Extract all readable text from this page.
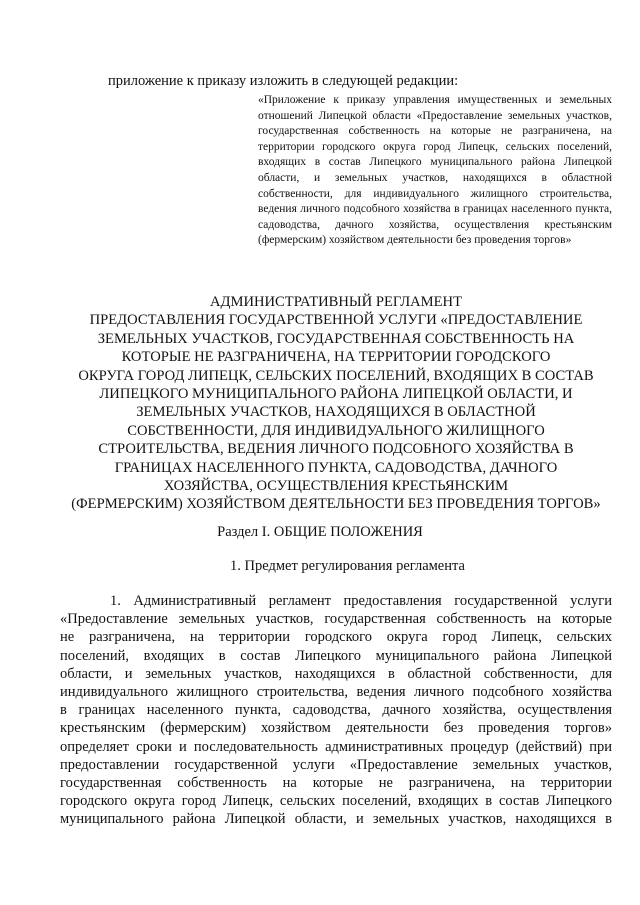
приложение к приказу изложить в следующей редакции:
«Приложение к приказу управления имущественных и земельных отношений Липецкой области «Предоставление земельных участков, государственная собственность на которые не разграничена, на территории городского округа город Липецк, сельских поселений, входящих в состав Липецкого муниципального района Липецкой области, и земельных участков, находящихся в областной собственности, для индивидуального жилищного строительства, ведения личного подсобного хозяйства в границах населенного пункта, садоводства, дачного хозяйства, осуществления крестьянским (фермерским) хозяйством деятельности без проведения торгов»
АДМИНИСТРАТИВНЫЙ РЕГЛАМЕНТ
ПРЕДОСТАВЛЕНИЯ ГОСУДАРСТВЕННОЙ УСЛУГИ «ПРЕДОСТАВЛЕНИЕ
ЗЕМЕЛЬНЫХ УЧАСТКОВ, ГОСУДАРСТВЕННАЯ СОБСТВЕННОСТЬ НА
КОТОРЫЕ НЕ РАЗГРАНИЧЕНА, НА ТЕРРИТОРИИ ГОРОДСКОГО
ОКРУГА ГОРОД ЛИПЕЦК, СЕЛЬСКИХ ПОСЕЛЕНИЙ, ВХОДЯЩИХ В СОСТАВ
ЛИПЕЦКОГО МУНИЦИПАЛЬНОГО РАЙОНА ЛИПЕЦКОЙ ОБЛАСТИ, И
ЗЕМЕЛЬНЫХ УЧАСТКОВ, НАХОДЯЩИХСЯ В ОБЛАСТНОЙ
СОБСТВЕННОСТИ, ДЛЯ ИНДИВИДУАЛЬНОГО ЖИЛИЩНОГО
СТРОИТЕЛЬСТВА, ВЕДЕНИЯ ЛИЧНОГО ПОДСОБНОГО ХОЗЯЙСТВА В
ГРАНИЦАХ НАСЕЛЕННОГО ПУНКТА, САДОВОДСТВА, ДАЧНОГО
ХОЗЯЙСТВА, ОСУЩЕСТВЛЕНИЯ КРЕСТЬЯНСКИМ
(ФЕРМЕРСКИМ) ХОЗЯЙСТВОМ ДЕЯТЕЛЬНОСТИ БЕЗ ПРОВЕДЕНИЯ ТОРГОВ»
Раздел I. ОБЩИЕ ПОЛОЖЕНИЯ
1. Предмет регулирования регламента
1. Административный регламент предоставления государственной услуги
«Предоставление земельных участков, государственная собственность на которые
не разграничена, на территории городского округа город Липецк, сельских
поселений, входящих в состав Липецкого муниципального района Липецкой
области, и земельных участков, находящихся в областной собственности, для
индивидуального жилищного строительства, ведения личного подсобного хозяйства
в границах населенного пункта, садоводства, дачного хозяйства, осуществления
крестьянским (фермерским) хозяйством деятельности без проведения торгов»
определяет сроки и последовательность административных процедур (действий) при
предоставлении государственной услуги «Предоставление земельных участков,
государственная собственность на которые не разграничена, на территории
городского округа город Липецк, сельских поселений, входящих в состав Липецкого
муниципального района Липецкой области, и земельных участков, находящихся в
